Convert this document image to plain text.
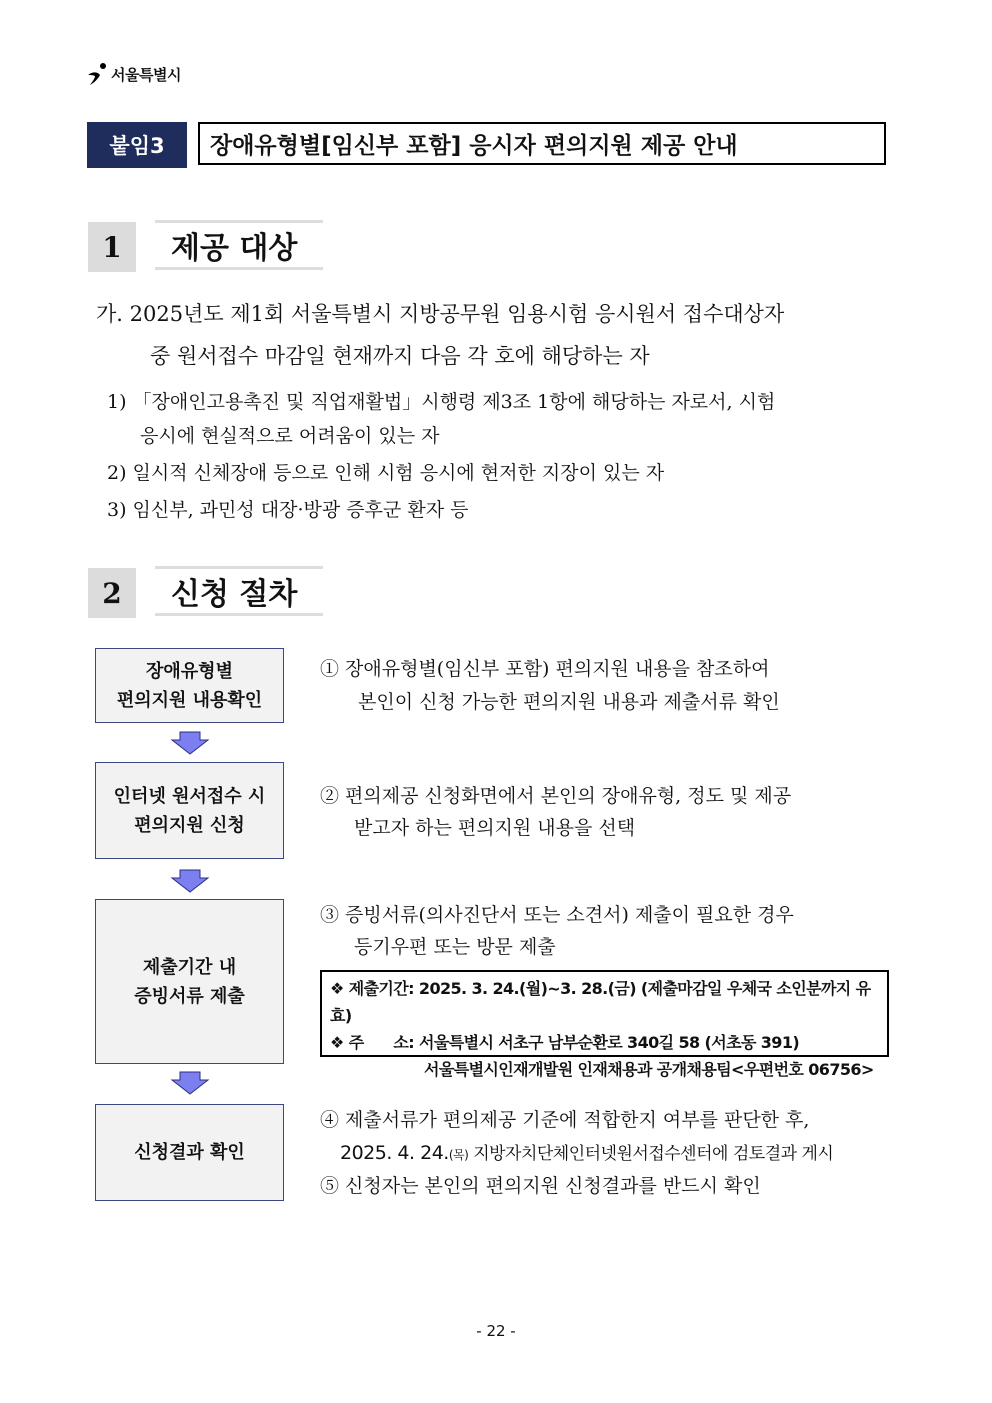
서울특별시
붙임3	장애유형별[임신부 포함] 응시자 편의지원 제공 안내
1	제공 대상
가. 2025년도 제1회 서울특별시 지방공무원 임용시험 응시원서 접수대상자
중 원서접수 마감일 현재까지 다음 각 호에 해당하는 자
1) 「장애인고용촉진 및 직업재활법」시행령 제3조 1항에 해당하는 자로서, 시험
응시에 현실적으로 어려움이 있는 자
2) 일시적 신체장애 등으로 인해 시험 응시에 현저한 지장이 있는 자
3) 임신부, 과민성 대장·방광 증후군 환자 등
2	신청 절차
장애유형별
편의지원 내용확인
① 장애유형별(임신부 포함) 편의지원 내용을 참조하여
본인이 신청 가능한 편의지원 내용과 제출서류 확인
인터넷 원서접수 시
편의지원 신청
② 편의제공 신청화면에서 본인의 장애유형, 정도 및 제공
받고자 하는 편의지원 내용을 선택
제출기간 내
증빙서류 제출
③ 증빙서류(의사진단서 또는 소견서) 제출이 필요한 경우
등기우편 또는 방문 제출
❖ 제출기간: 2025. 3. 24.(월)~3. 28.(금) (제출마감일 우체국 소인분까지 유효)
❖ 주      소: 서울특별시 서초구 남부순환로 340길 58 (서초동 391)
서울특별시인재개발원 인재채용과 공개채용팀<우편번호 06756>
신청결과 확인
④ 제출서류가 편의제공 기준에 적합한지 여부를 판단한 후,
2025. 4. 24.(목) 지방자치단체인터넷원서접수센터에 검토결과 게시
⑤ 신청자는 본인의 편의지원 신청결과를 반드시 확인
- 22 -
